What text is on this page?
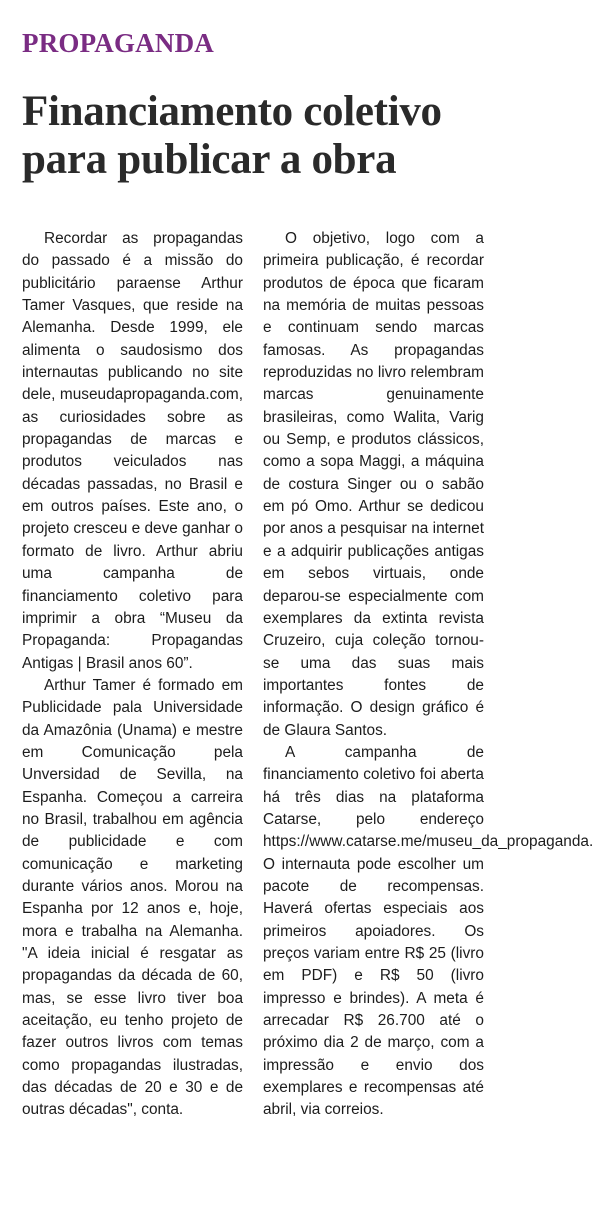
PROPAGANDA
Financiamento coletivo para publicar a obra

Recordar as propagandas do passado é a missão do publicitário paraense Arthur Tamer Vasques, que reside na Alemanha. Desde 1999, ele alimenta o saudosismo dos internautas publicando no site dele, museudapropaganda.com, as curiosidades sobre as propagandas de marcas e produtos veiculados nas décadas passadas, no Brasil e em outros países. Este ano, o projeto cresceu e deve ganhar o formato de livro. Arthur abriu uma campanha de financiamento coletivo para imprimir a obra “Museu da Propaganda: Propagandas Antigas | Brasil anos 60”.

Arthur Tamer é formado em Publicidade pala Universidade da Amazônia (Unama) e mestre em Comunicação pela Unversidad de Sevilla, na Espanha. Começou a carreira no Brasil, trabalhou em agência de publicidade e com comunicação e marketing durante vários anos. Morou na Espanha por 12 anos e, hoje, mora e trabalha na Alemanha. "A ideia inicial é resgatar as propagandas da década de 60, mas, se esse livro tiver boa aceitação, eu tenho projeto de fazer outros livros com temas como propagandas ilustradas, das décadas de 20 e 30 e de outras décadas", conta.

O objetivo, logo com a primeira publicação, é recordar produtos de época que ficaram na memória de muitas pessoas e continuam sendo marcas famosas. As propagandas reproduzidas no livro relembram marcas genuinamente brasileiras, como Walita, Varig ou Semp, e produtos clássicos, como a sopa Maggi, a máquina de costura Singer ou o sabão em pó Omo. Arthur se dedicou por anos a pesquisar na internet e a adquirir publicações antigas em sebos virtuais, onde deparou-se especialmente com exemplares da extinta revista Cruzeiro, cuja coleção tornou-se uma das suas mais importantes fontes de informação. O design gráfico é de Glaura Santos.

A campanha de financiamento coletivo foi aberta há três dias na plataforma Catarse, pelo endereço https://www.catarse.me/museu_da_propaganda. O internauta pode escolher um pacote de recompensas. Haverá ofertas especiais aos primeiros apoiadores. Os preços variam entre R$ 25 (livro em PDF) e R$ 50 (livro impresso e brindes). A meta é arrecadar R$ 26.700 até o próximo dia 2 de março, com a impressão e envio dos exemplares e recompensas até abril, via correios.
